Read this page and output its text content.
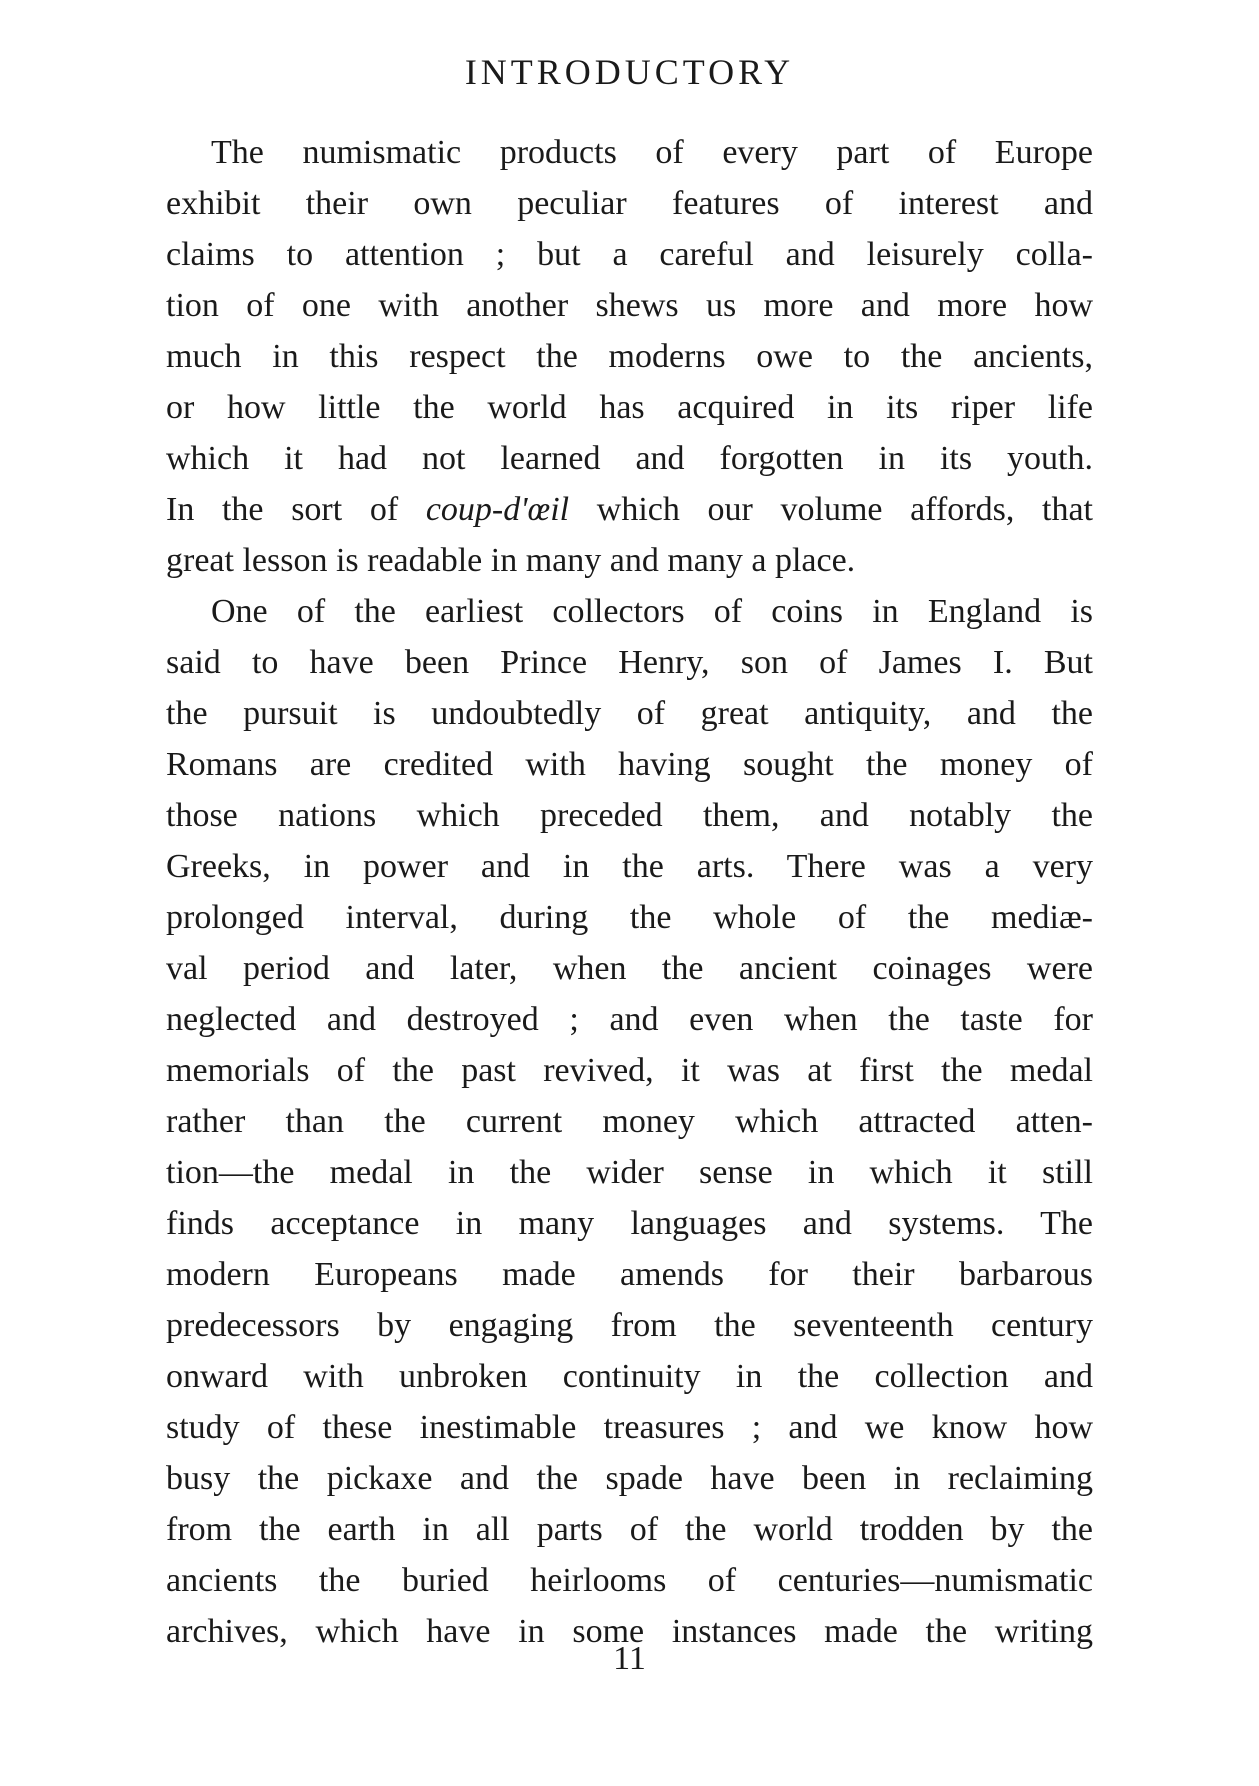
INTRODUCTORY
The numismatic products of every part of Europe
exhibit their own peculiar features of interest and
claims to attention ; but a careful and leisurely colla-
tion of one with another shews us more and more how
much in this respect the moderns owe to the ancients,
or how little the world has acquired in its riper life
which it had not learned and forgotten in its youth.
In the sort of coup-d'œil which our volume affords, that
great lesson is readable in many and many a place.
One of the earliest collectors of coins in England is
said to have been Prince Henry, son of James I. But
the pursuit is undoubtedly of great antiquity, and the
Romans are credited with having sought the money of
those nations which preceded them, and notably the
Greeks, in power and in the arts. There was a very
prolonged interval, during the whole of the mediæ-
val period and later, when the ancient coinages were
neglected and destroyed ; and even when the taste for
memorials of the past revived, it was at first the medal
rather than the current money which attracted atten-
tion—the medal in the wider sense in which it still
finds acceptance in many languages and systems. The
modern Europeans made amends for their barbarous
predecessors by engaging from the seventeenth century
onward with unbroken continuity in the collection and
study of these inestimable treasures ; and we know how
busy the pickaxe and the spade have been in reclaiming
from the earth in all parts of the world trodden by the
ancients the buried heirlooms of centuries—numismatic
archives, which have in some instances made the writing
11
